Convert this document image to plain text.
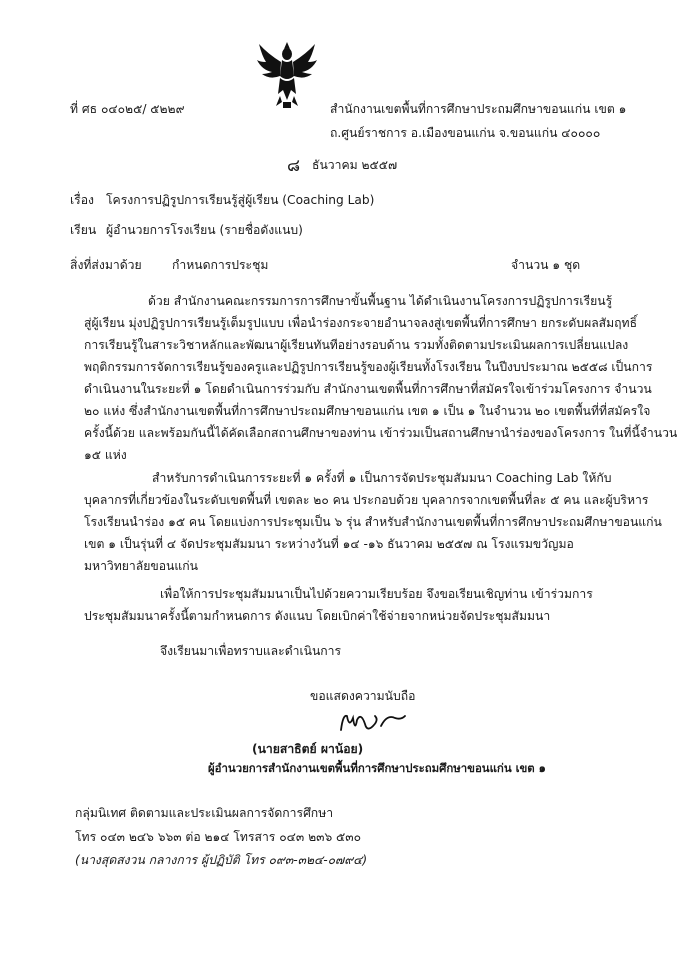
ที่ ศธ ๐๔๐๒๕/ ๕๒๒๙	สำนักงานเขตพื้นที่การศึกษาประถมศึกษาขอนแก่น เขต ๑
ถ.ศูนย์ราชการ อ.เมืองขอนแก่น จ.ขอนแก่น ๔๐๐๐๐
๘ ธันวาคม ๒๕๕๗
เรื่อง โครงการปฏิรูปการเรียนรู้สู่ผู้เรียน (Coaching Lab)
เรียน ผู้อำนวยการโรงเรียน (รายชื่อดังแนบ)
สิ่งที่ส่งมาด้วย กำหนดการประชุม	จำนวน ๑ ชุด
ด้วย สำนักงานคณะกรรมการการศึกษาขั้นพื้นฐาน ได้ดำเนินงานโครงการปฏิรูปการเรียนรู้
สู่ผู้เรียน มุ่งปฏิรูปการเรียนรู้เต็มรูปแบบ เพื่อนำร่องกระจายอำนาจลงสู่เขตพื้นที่การศึกษา ยกระดับผลสัมฤทธิ์
การเรียนรู้ในสาระวิชาหลักและพัฒนาผู้เรียนทันทีอย่างรอบด้าน รวมทั้งติดตามประเมินผลการเปลี่ยนแปลง
พฤติกรรมการจัดการเรียนรู้ของครูและปฏิรูปการเรียนรู้ของผู้เรียนทั้งโรงเรียน ในปีงบประมาณ ๒๕๕๘ เป็นการ
ดำเนินงานในระยะที่ ๑ โดยดำเนินการร่วมกับ สำนักงานเขตพื้นที่การศึกษาที่สมัครใจเข้าร่วมโครงการ จำนวน
๒๐ แห่ง ซึ่งสำนักงานเขตพื้นที่การศึกษาประถมศึกษาขอนแก่น เขต ๑ เป็น ๑ ในจำนวน ๒๐ เขตพื้นที่ที่สมัครใจ
ครั้งนี้ด้วย และพร้อมกันนี้ได้คัดเลือกสถานศึกษาของท่าน เข้าร่วมเป็นสถานศึกษานำร่องของโครงการ ในที่นี้จำนวน
๑๕ แห่ง
สำหรับการดำเนินการระยะที่ ๑ ครั้งที่ ๑ เป็นการจัดประชุมสัมมนา Coaching Lab ให้กับ
บุคลากรที่เกี่ยวข้องในระดับเขตพื้นที่ เขตละ ๒๐ คน ประกอบด้วย บุคลากรจากเขตพื้นที่ละ ๕ คน และผู้บริหาร
โรงเรียนนำร่อง ๑๕ คน โดยแบ่งการประชุมเป็น ๖ รุ่น สำหรับสำนักงานเขตพื้นที่การศึกษาประถมศึกษาขอนแก่น
เขต ๑ เป็นรุ่นที่ ๔ จัดประชุมสัมมนา ระหว่างวันที่ ๑๔ -๑๖ ธันวาคม ๒๕๕๗ ณ โรงแรมขวัญมอ
มหาวิทยาลัยขอนแก่น
เพื่อให้การประชุมสัมมนาเป็นไปด้วยความเรียบร้อย จึงขอเรียนเชิญท่าน เข้าร่วมการ
ประชุมสัมมนาครั้งนี้ตามกำหนดการ ดังแนบ โดยเบิกค่าใช้จ่ายจากหน่วยจัดประชุมสัมมนา
จึงเรียนมาเพื่อทราบและดำเนินการ
ขอแสดงความนับถือ
(นายสาธิตย์ ผาน้อย)
ผู้อำนวยการสำนักงานเขตพื้นที่การศึกษาประถมศึกษาขอนแก่น เขต ๑
กลุ่มนิเทศ ติดตามและประเมินผลการจัดการศึกษา
โทร ๐๔๓ ๒๔๖ ๖๖๓ ต่อ ๒๑๔ โทรสาร ๐๔๓ ๒๓๖ ๕๓๐
(นางสุดสงวน กลางการ ผู้ปฏิบัติ โทร ๐๙๓-๓๒๔-๐๗๙๔)
